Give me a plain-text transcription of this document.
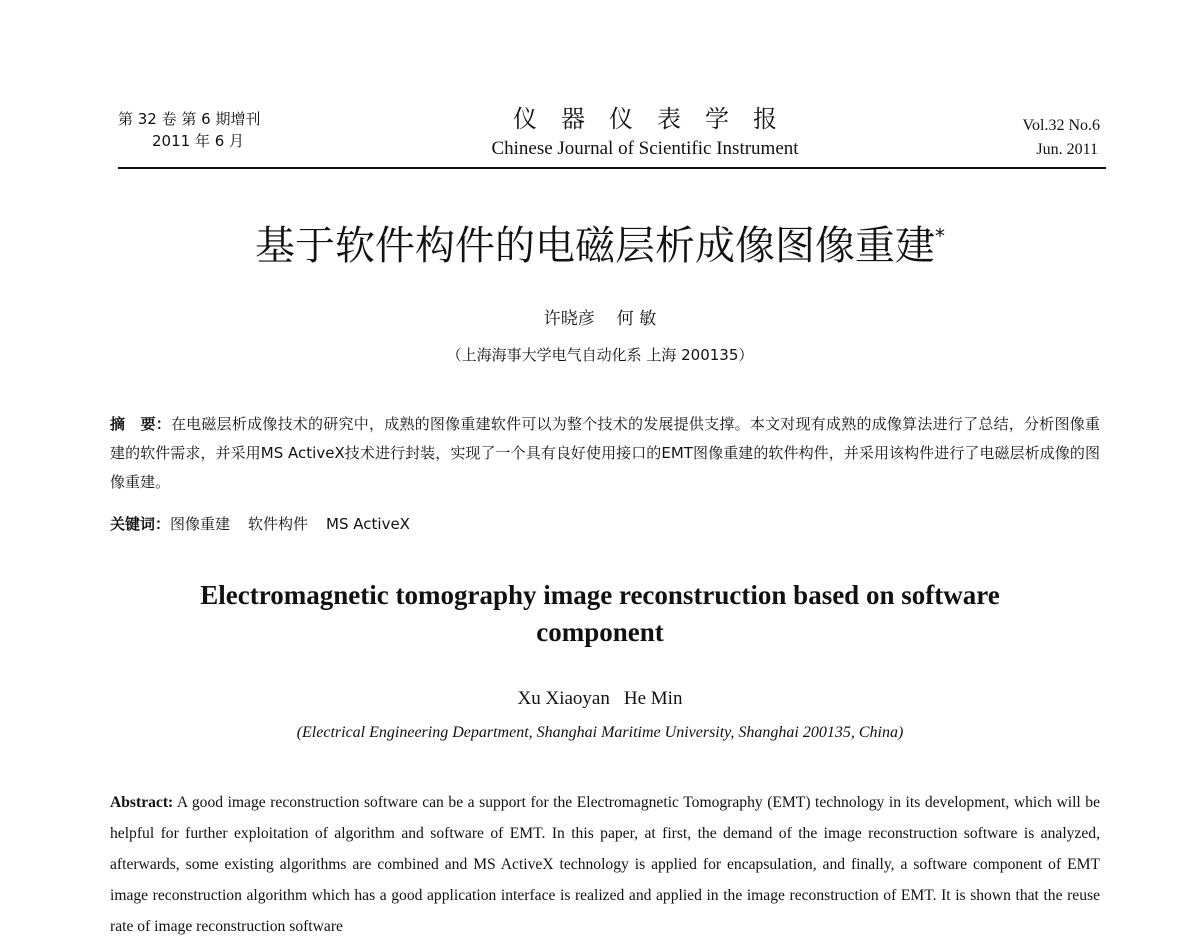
第 32 卷 第 6 期增刊
2011 年 6 月
仪器仪表学报
Chinese Journal of Scientific Instrument
Vol.32 No.6
Jun. 2011
基于软件构件的电磁层析成像图像重建*
许晓彦 何 敏
（上海海事大学电气自动化系 上海 200135）
摘　要：在电磁层析成像技术的研究中，成熟的图像重建软件可以为整个技术的发展提供支撑。本文对现有成熟的成像算法进行了总结，分析图像重建的软件需求，并采用MS ActiveX技术进行封装，实现了一个具有良好使用接口的EMT图像重建的软件构件，并采用该构件进行了电磁层析成像的图像重建。
关键词：图像重建 软件构件 MS ActiveX
Electromagnetic tomography image reconstruction based on software component
Xu Xiaoyan He Min
(Electrical Engineering Department, Shanghai Maritime University, Shanghai 200135, China)
Abstract: A good image reconstruction software can be a support for the Electromagnetic Tomography (EMT) technology in its development, which will be helpful for further exploitation of algorithm and software of EMT. In this paper, at first, the demand of the image reconstruction software is analyzed, afterwards, some existing algorithms are combined and MS ActiveX technology is applied for encapsulation, and finally, a software component of EMT image reconstruction algorithm which has a good application interface is realized and applied in the image reconstruction of EMT. It is shown that the reuse rate of image reconstruction software
